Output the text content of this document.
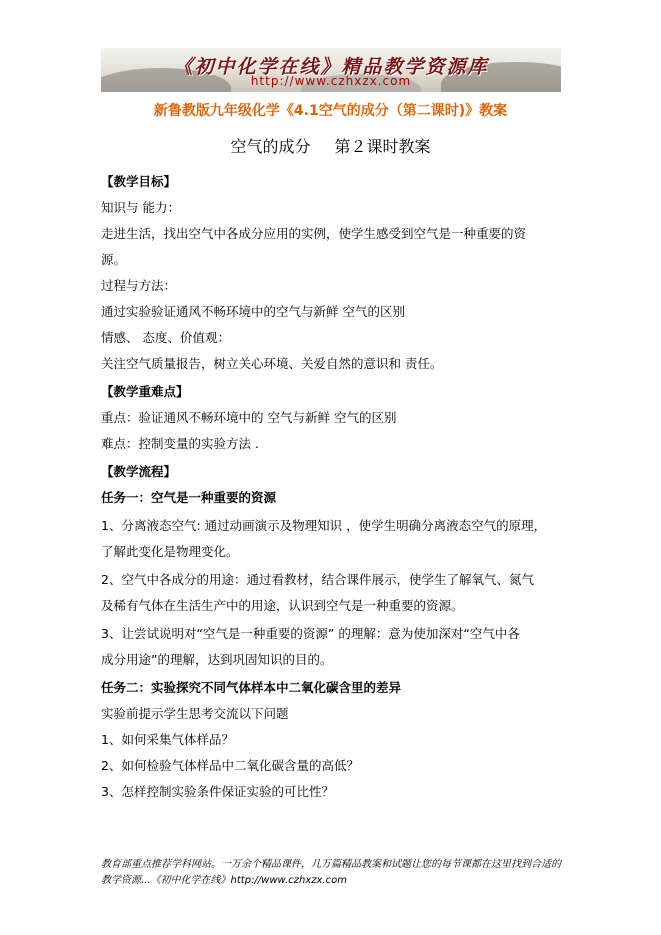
《初中化学在线》精品教学资源库
http://www.czhxzx.com
新鲁教版九年级化学《4.1空气的成分（第二课时)》教案
空气的成分 第２课时教案
【教学目标】
知识与 能力：
走进生活，找出空气中各成分应用的实例，使学生感受到空气是一种重要的资
源。
过程与方法：
通过实验验证通风不畅环境中的空气与新鲜 空气的区别
情感、 态度、价值观：
关注空气质量报告，树立关心环境、关爱自然的意识和 责任。
【教学重难点】
重点：验证通风不畅环境中的 空气与新鲜 空气的区别
难点：控制变量的实验方法 .
【教学流程】
任务一：空气是一种重要的资源
1、分离液态空气: 通过动画演示及物理知识 ，使学生明确分离液态空气的原理，
了解此变化是物理变化。
2、空气中各成分的用途：通过看教材，结合课件展示，使学生了解氧气、氮气
及稀有气体在生活生产中的用途，认识到空气是一种重要的资源。
3、让尝试说明对“空气是一种重要的资源” 的理解：意为使加深对“空气中各
成分用途”的理解，达到巩固知识的目的。
任务二：实验探究不同气体样本中二氧化碳含里的差异
实验前提示学生思考交流以下问题
1、如何采集气体样品？
2、如何检验气体样品中二氧化碳含量的高低？
3、怎样控制实验条件保证实验的可比性？
教育部重点推荐学科网站。一万余个精品课件，几万篇精品教案和试题让您的每节课都在这里找到合适的
教学资源...《初中化学在线》http://www.czhxzx.com
